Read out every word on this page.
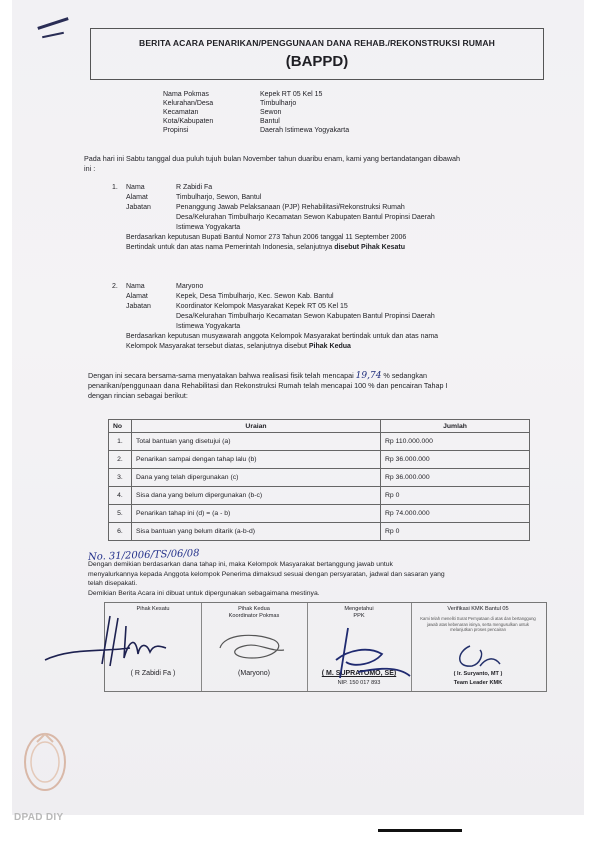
BERITA ACARA PENARIKAN/PENGGUNAAN DANA REHAB./REKONSTRUKSI RUMAH
(BAPPD)
Nama Pokmas	Kepek RT 05 Kel 15
Kelurahan/Desa	Timbulharjo
Kecamatan	Sewon
Kota/Kabupaten	Bantul
Propinsi	Daerah Istimewa Yogyakarta
Pada hari ini Sabtu tanggal dua puluh tujuh bulan November tahun duaribu enam, kami yang bertandatangan dibawah
ini :
1.	Nama	R Zabidi Fa
Alamat	Timbulharjo, Sewon, Bantul
Jabatan	Penanggung Jawab Pelaksanaan (PJP) Rehabilitasi/Rekonstruksi Rumah
Desa/Kelurahan Timbulharjo Kecamatan Sewon Kabupaten Bantul Propinsi Daerah
Istimewa Yogyakarta
Berdasarkan keputusan Bupati Bantul Nomor 273 Tahun 2006 tanggal 11 September 2006
Bertindak untuk dan atas nama Pemerintah Indonesia, selanjutnya disebut Pihak Kesatu
2.	Nama	Maryono
Alamat	Kepek, Desa Timbulharjo, Kec. Sewon Kab. Bantul
Jabatan	Koordinator Kelompok Masyarakat Kepek RT 05 Kel 15
Desa/Kelurahan Timbulharjo Kecamatan Sewon Kabupaten Bantul Propinsi Daerah
Istimewa Yogyakarta
Berdasarkan keputusan musyawarah anggota Kelompok Masyarakat bertindak untuk dan atas nama
Kelompok Masyarakat tersebut diatas, selanjutnya disebut Pihak Kedua
Dengan ini secara bersama-sama menyatakan bahwa realisasi fisik telah mencapai 19,74 % sedangkan
penarikan/penggunaan dana Rehabilitasi dan Rekonstruksi Rumah telah mencapai 100 % dan pencairan Tahap I
dengan rincian sebagai berikut:
No	Uraian	Jumlah
1.	Total bantuan yang disetujui (a)	Rp 110.000.000
2.	Penarikan sampai dengan tahap lalu (b)	Rp 36.000.000
3.	Dana yang telah dipergunakan (c)	Rp 36.000.000
4.	Sisa dana yang belum dipergunakan (b-c)	Rp 0
5.	Penarikan tahap ini (d) = (a - b)	Rp 74.000.000
6.	Sisa bantuan yang belum ditarik (a-b-d)	Rp 0
Dengan demikian berdasarkan dana tahap ini, maka Kelompok Masyarakat bertanggung jawab untuk
menyalurkannya kepada Anggota kelompok Penerima dimaksud sesuai dengan persyaratan, jadwal dan sasaran yang
telah disepakati.
Demikian Berita Acara ini dibuat untuk dipergunakan sebagaimana mestinya.
No. 31/2006/TS/06/08
Pihak Kesatu
( R Zabidi Fa )
Pihak Kedua
Koordinator Pokmas
(Maryono)
Mengetahui
PPK
( M. SUPRATOMO, SE)
NIP. 150 017 893
Verifikasi KMK Bantul 05
Kami telah meneliti Surat Pernyataan di atas dan bertanggung jawab atas kebenaran isinya, serta mengusulkan untuk melanjutkan proses pencairan
( Ir. Suryanto, MT )
Team Leader KMK
DPAD DIY
